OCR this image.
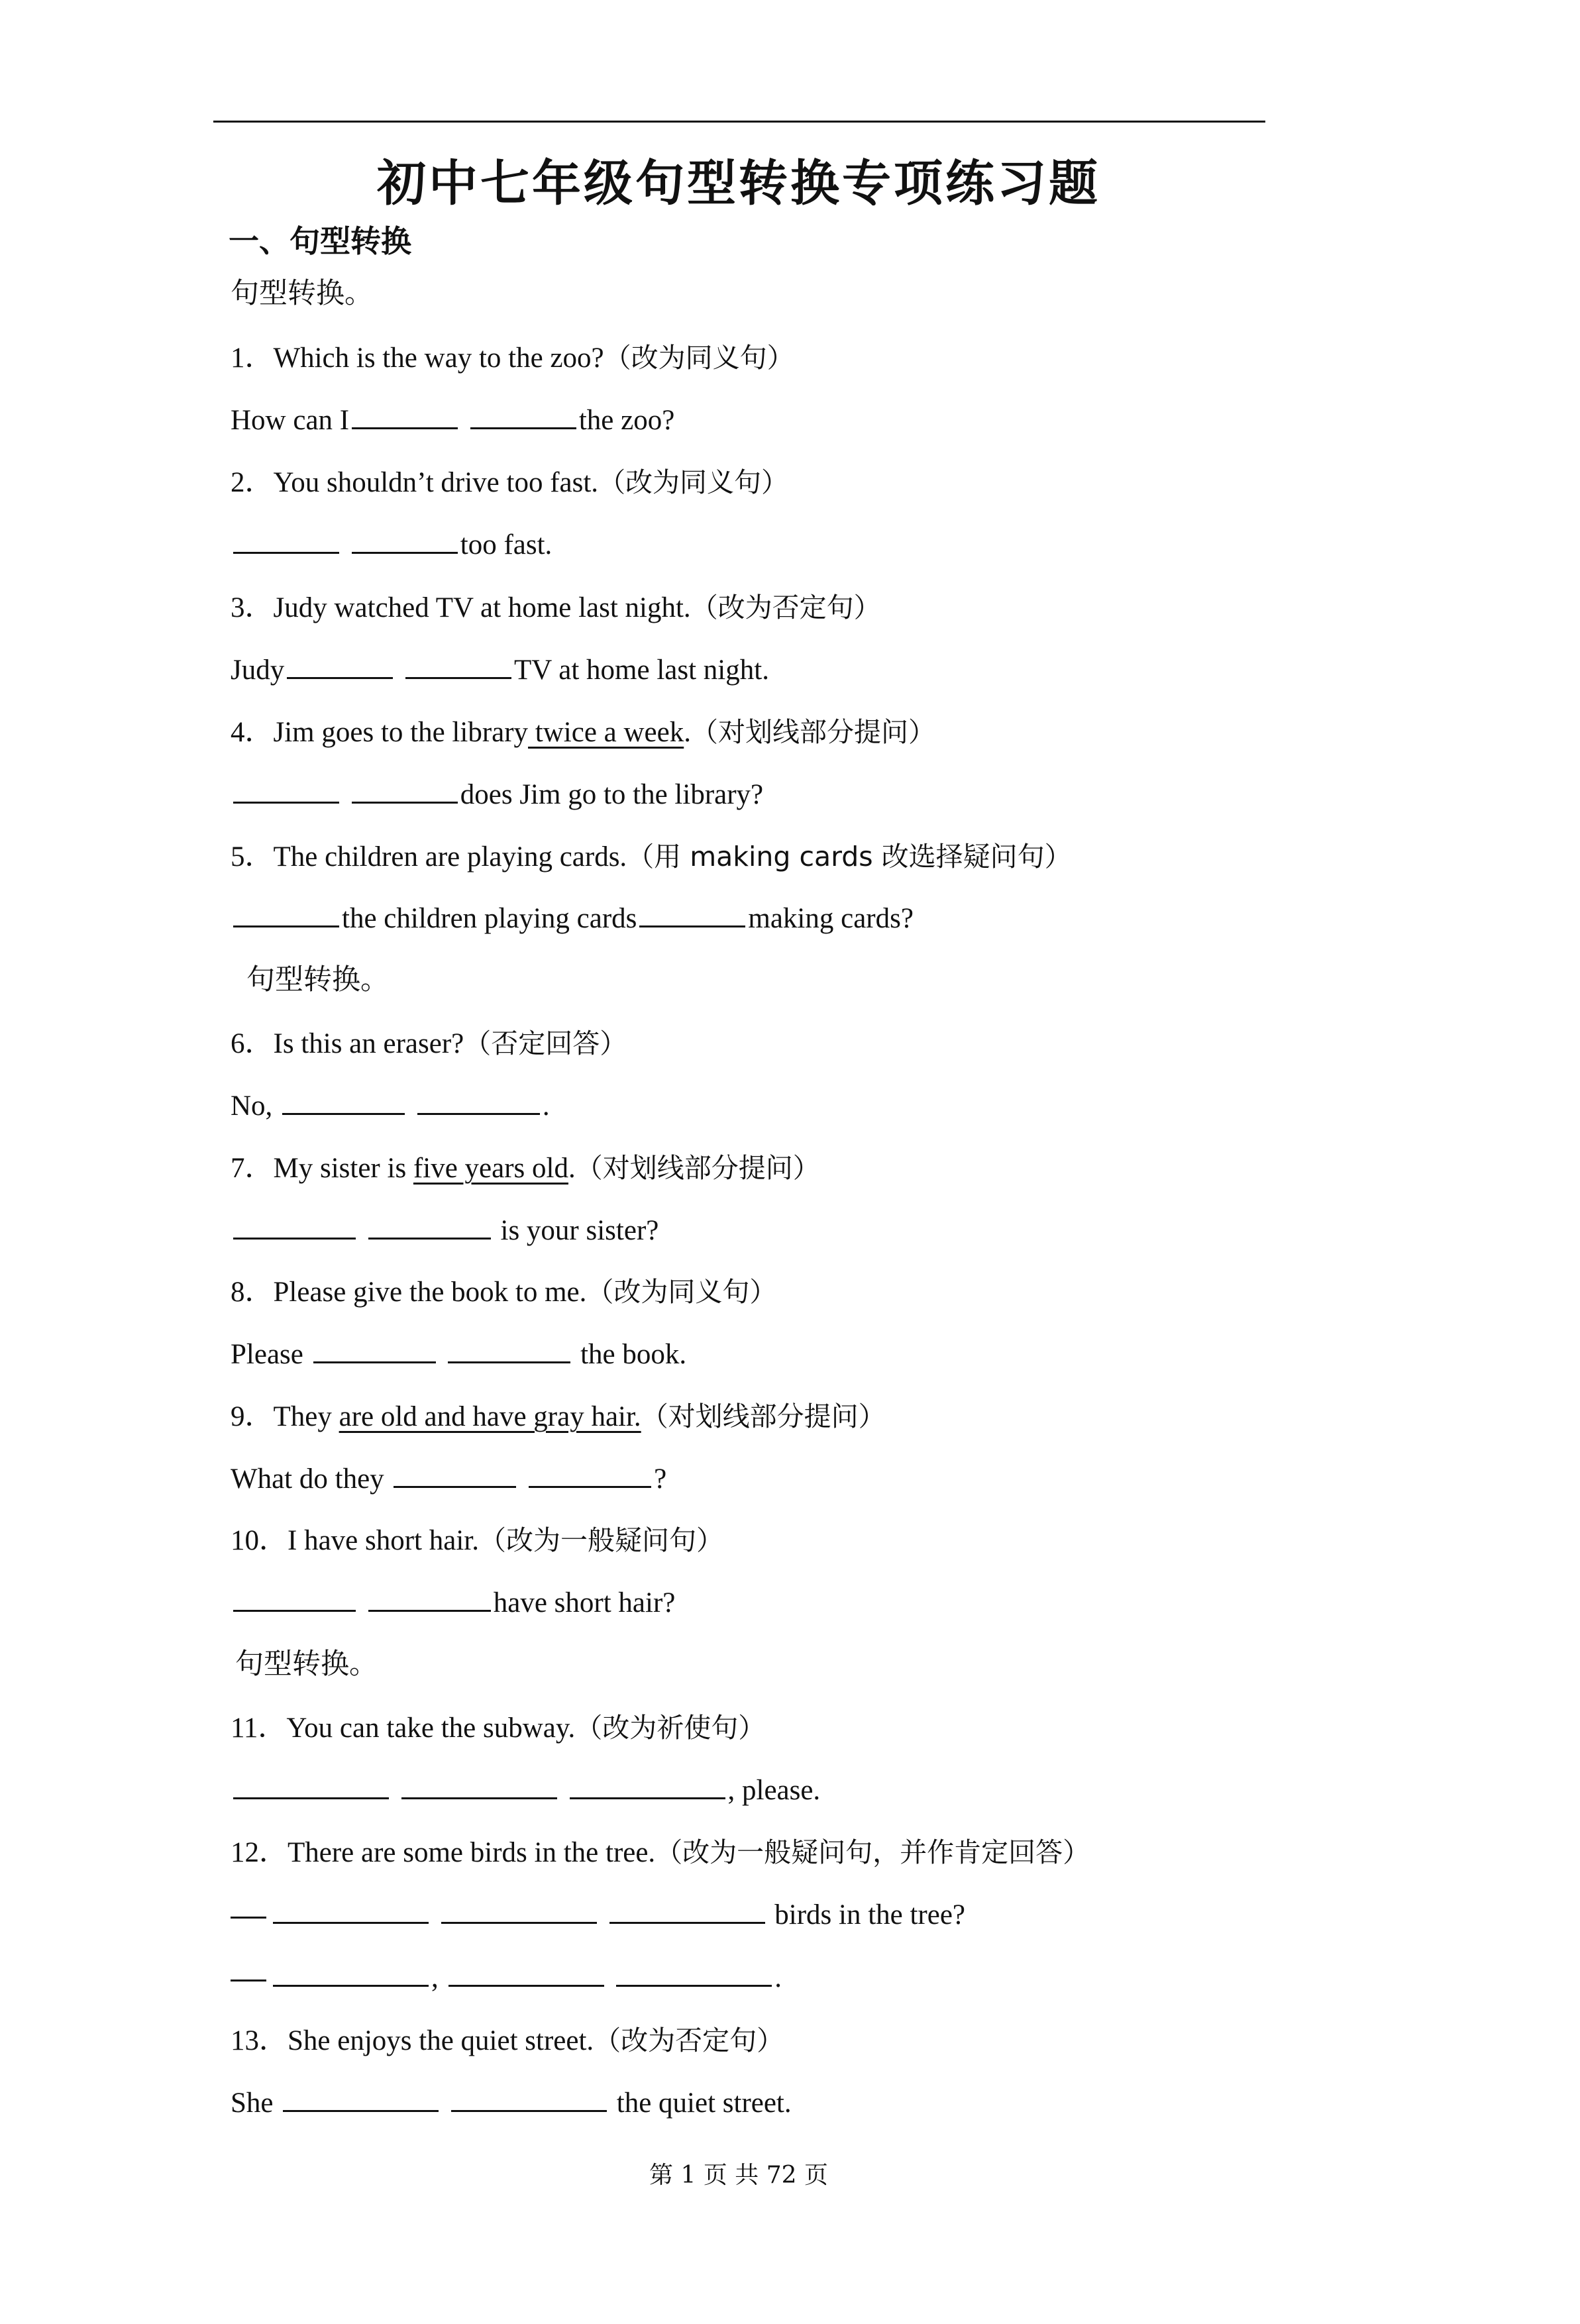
初中七年级句型转换专项练习题
一、句型转换
句型转换。
1．Which is the way to the zoo?（改为同义句）
How can I	the zoo?
2．You shouldn’t drive too fast.（改为同义句）
too fast.
3．Judy watched TV at home last night.（改为否定句）
Judy	TV at home last night.
4．Jim goes to the library twice a week.（对划线部分提问）
does Jim go to the library?
5．The children are playing cards.（用 making cards 改选择疑问句）
the children playing cards	making cards?
句型转换。
6．Is this an eraser?（否定回答）
No,	.
7．My sister is five years old.（对划线部分提问）
is your sister?
8．Please give the book to me.（改为同义句）
Please	the book.
9．They are old and have gray hair.（对划线部分提问）
What do they	?
10．I have short hair.（改为一般疑问句）
have short hair?
句型转换。
11．You can take the subway.（改为祈使句）
, please.
12．There are some birds in the tree.（改为一般疑问句，并作肯定回答）
birds in the tree?
,	.
13．She enjoys the quiet street.（改为否定句）
She	the quiet street.
第 1 页 共 72 页
